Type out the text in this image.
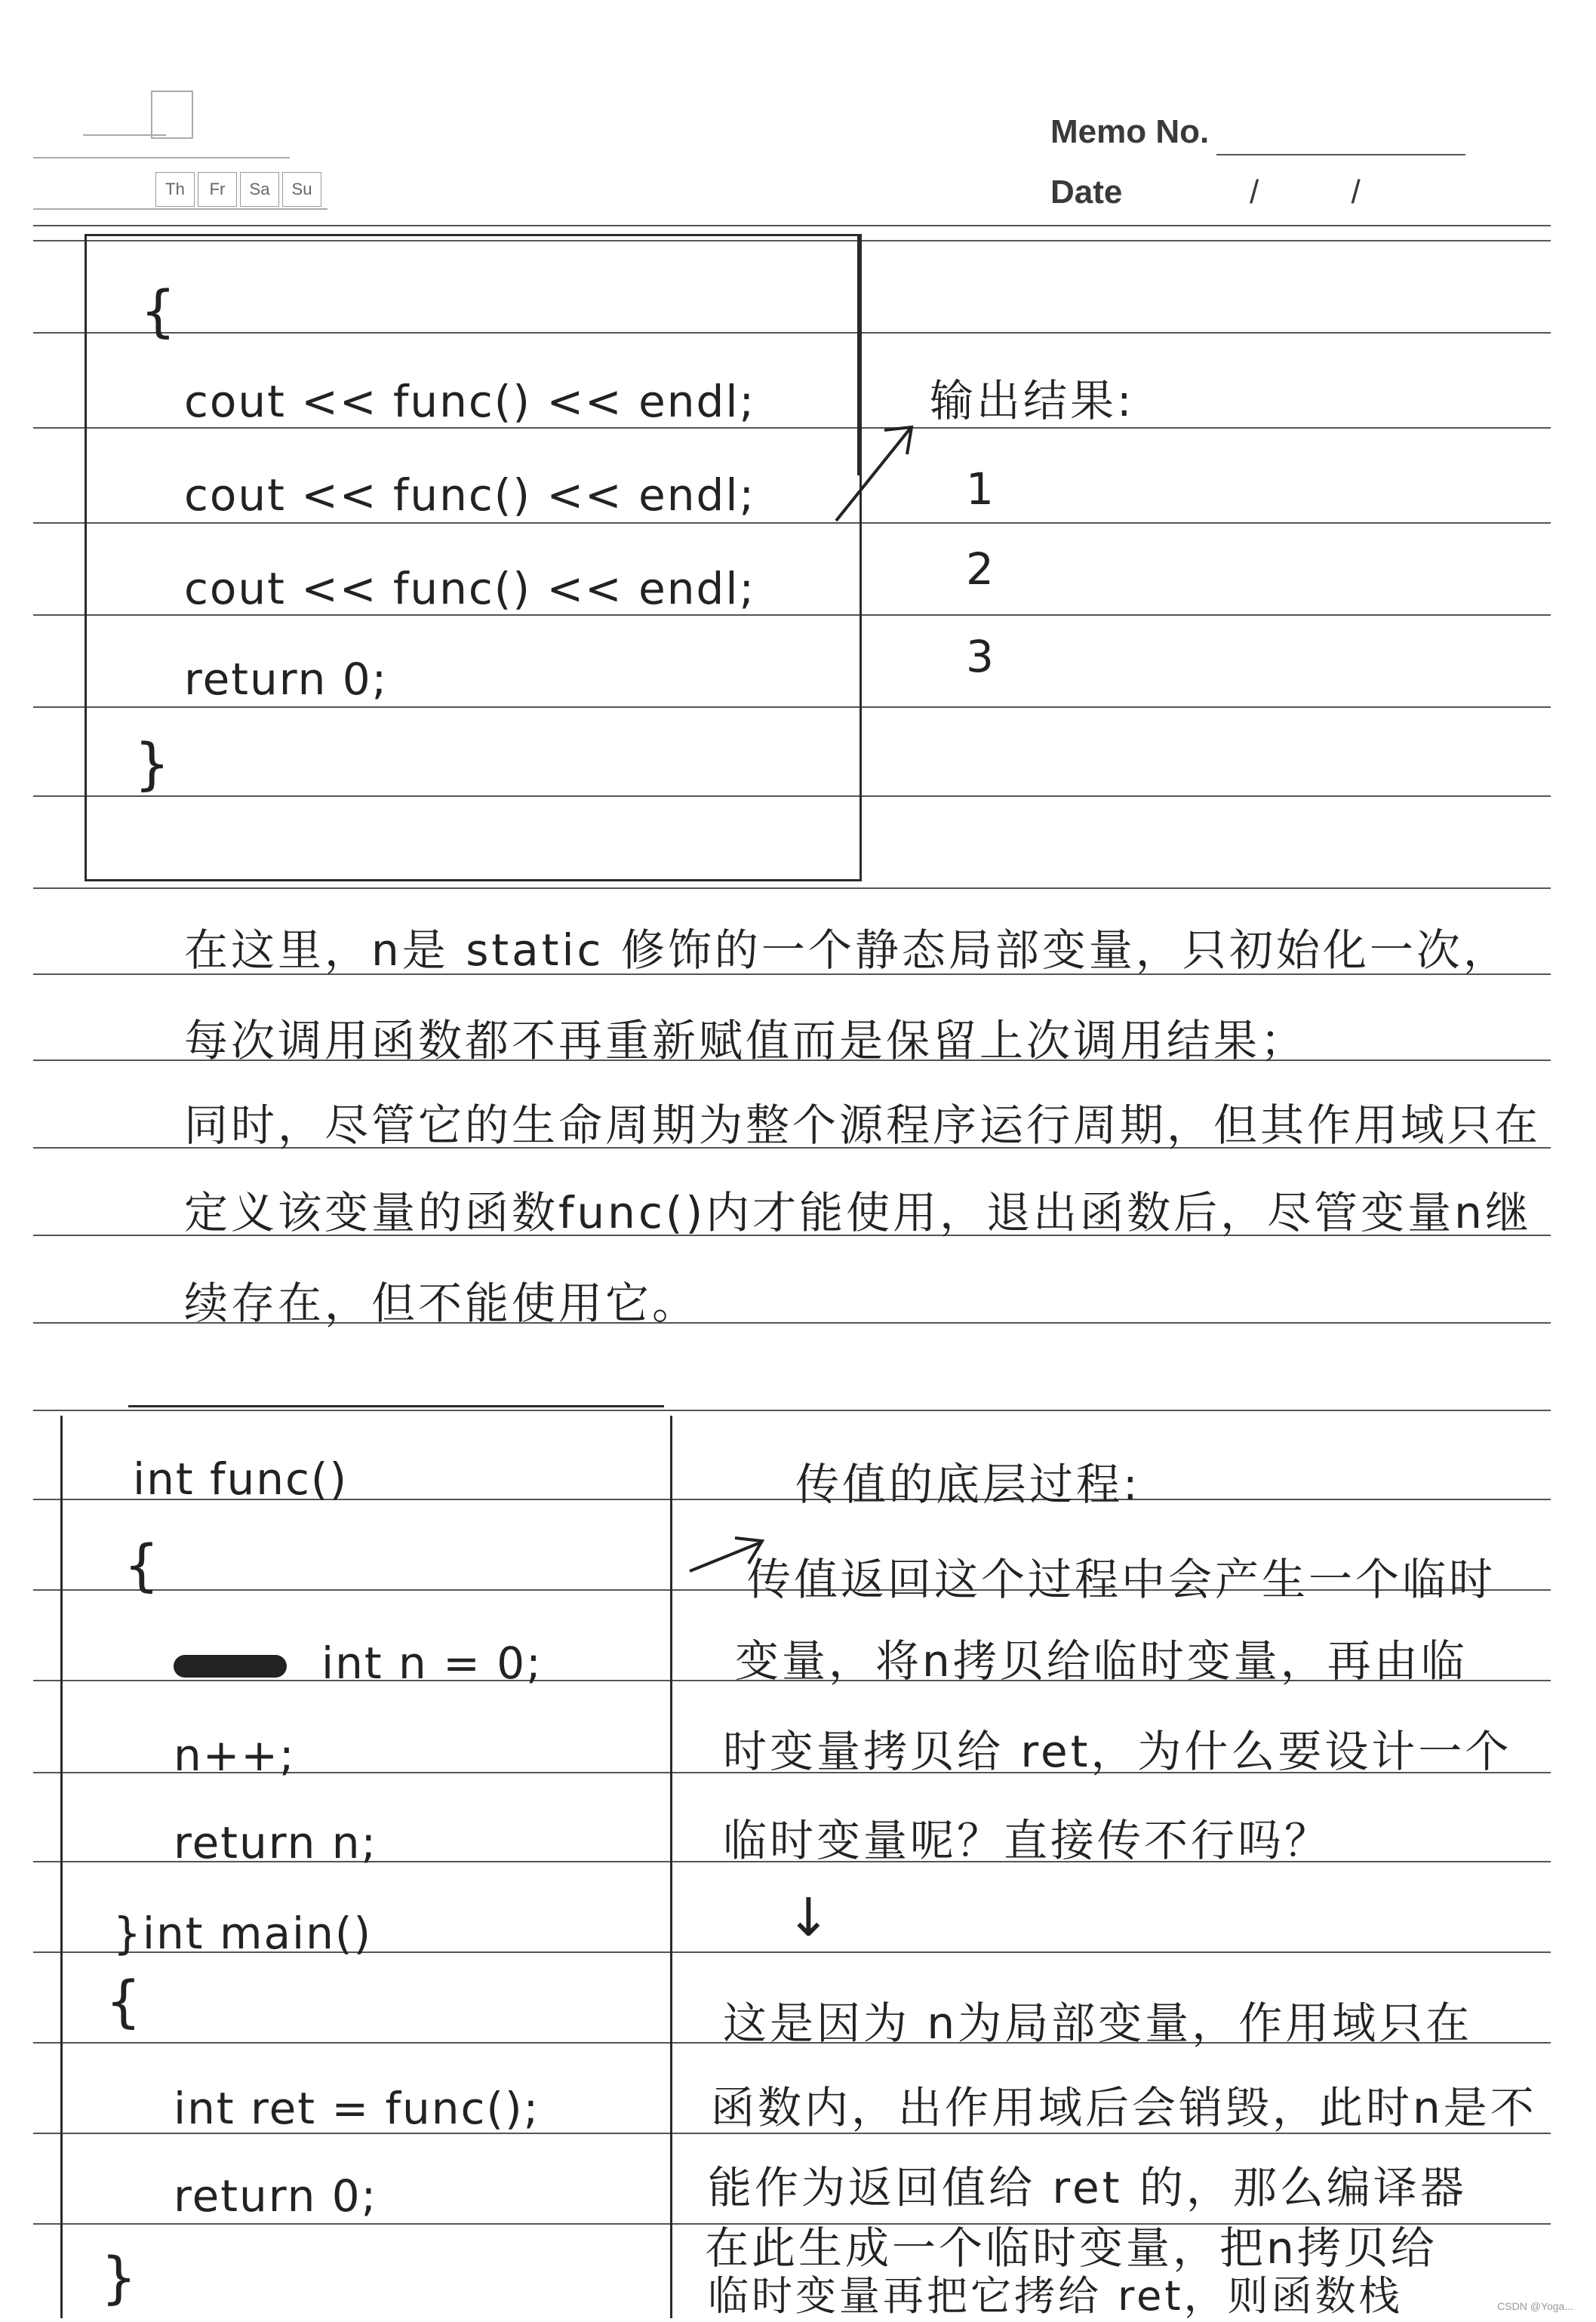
Th	Fr	Sa	Su
Memo No.
Date	/          /
{
cout << func() << endl;
cout << func() << endl;
cout << func() << endl;
return 0;
}
输出结果:
1
2
3
在这里，n是 static 修饰的一个静态局部变量，只初始化一次，
每次调用函数都不再重新赋值而是保留上次调用结果；
同时，尽管它的生命周期为整个源程序运行周期，但其作用域只在
定义该变量的函数func()内才能使用，退出函数后，尽管变量n继
续存在，但不能使用它。
int func()
{
int n = 0;
n++;
return n;
}int main()
{
int ret = func();
return 0;
}
传值的底层过程:
传值返回这个过程中会产生一个临时
变量，将n拷贝给临时变量，再由临
时变量拷贝给 ret，为什么要设计一个
临时变量呢？直接传不行吗？
↓
这是因为 n为局部变量，作用域只在
函数内，出作用域后会销毁，此时n是不
能作为返回值给 ret 的，那么编译器
在此生成一个临时变量，把n拷贝给
临时变量再把它拷给 ret，则函数栈	CSDN @Yoga...
